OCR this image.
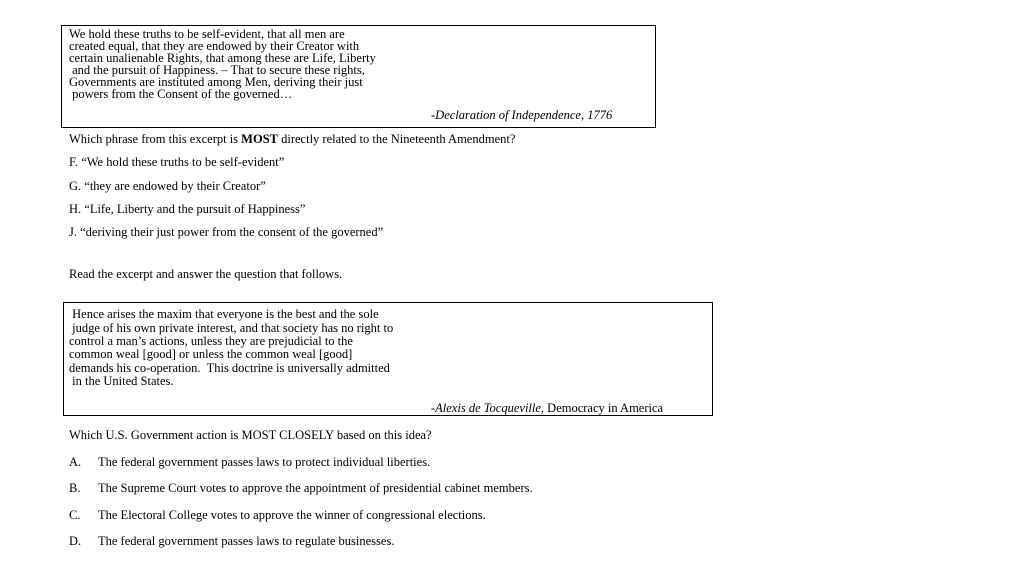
We hold these truths to be self-evident, that all men are
created equal, that they are endowed by their Creator with
certain unalienable Rights, that among these are Life, Liberty
and the pursuit of Happiness. – That to secure these rights,
Governments are instituted among Men, deriving their just
powers from the Consent of the governed…
-Declaration of Independence, 1776
Which phrase from this excerpt is MOST directly related to the Nineteenth Amendment?
F. “We hold these truths to be self-evident”
G. “they are endowed by their Creator”
H. “Life, Liberty and the pursuit of Happiness”
J. “deriving their just power from the consent of the governed”
Read the excerpt and answer the question that follows.
Hence arises the maxim that everyone is the best and the sole
judge of his own private interest, and that society has no right to
control a man’s actions, unless they are prejudicial to the
common weal [good] or unless the common weal [good]
demands his co-operation.  This doctrine is universally admitted
in the United States.
-Alexis de Tocqueville, Democracy in America
Which U.S. Government action is MOST CLOSELY based on this idea?
A. The federal government passes laws to protect individual liberties.
B. The Supreme Court votes to approve the appointment of presidential cabinet members.
C. The Electoral College votes to approve the winner of congressional elections.
D. The federal government passes laws to regulate businesses.
